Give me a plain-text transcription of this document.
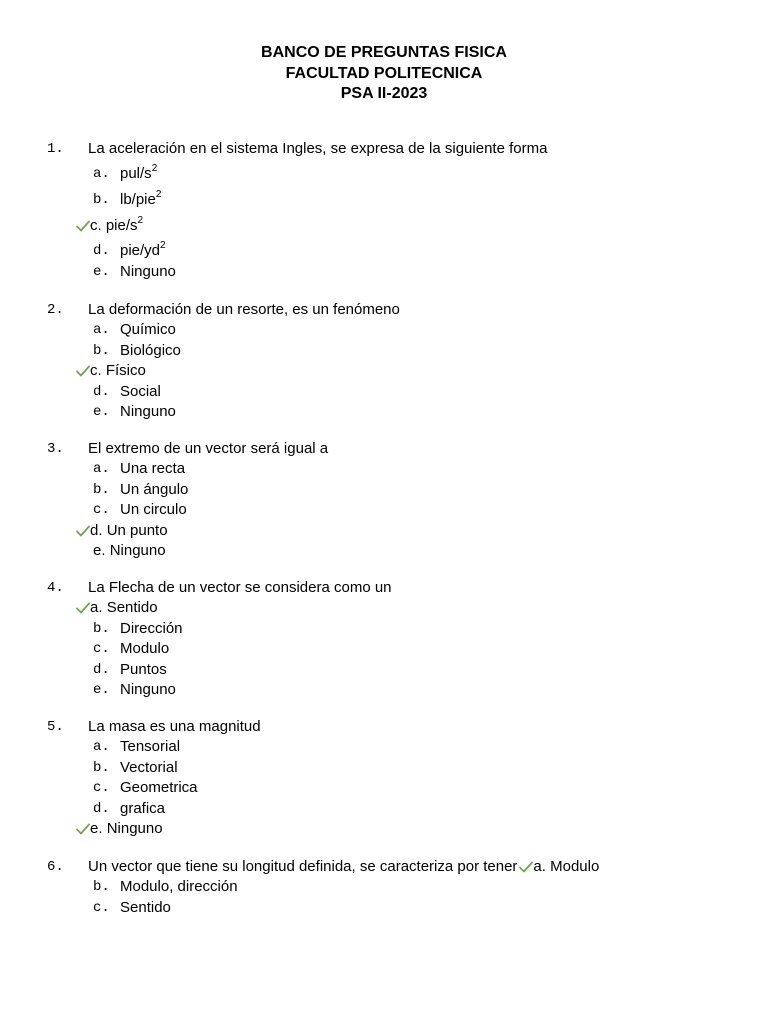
BANCO DE PREGUNTAS FISICA
FACULTAD POLITECNICA
PSA II-2023
1. La aceleración en el sistema Ingles, se expresa de la siguiente forma
a. pul/$s^2$
b. lb/pie$^2$
c. pie/$s^2$
d. pie/$yd^2$
e. Ninguno
2. La deformación de un resorte, es un fenómeno
a. Químico
b. Biológico
c. Físico
d. Social
e. Ninguno
3. El extremo de un vector será igual a
a. Una recta
b. Un ángulo
c. Un circulo
d. Un punto
e. Ninguno
4. La Flecha de un vector se considera como un
a. Sentido
b. Dirección
c. Modulo
d. Puntos
e. Ninguno
5. La masa es una magnitud
a. Tensorial
b. Vectorial
c. Geometrica
d. grafica
e. Ninguno
6. Un vector que tiene su longitud definida, se caracteriza por tener a. Modulo
b. Modulo, dirección
c. Sentido
